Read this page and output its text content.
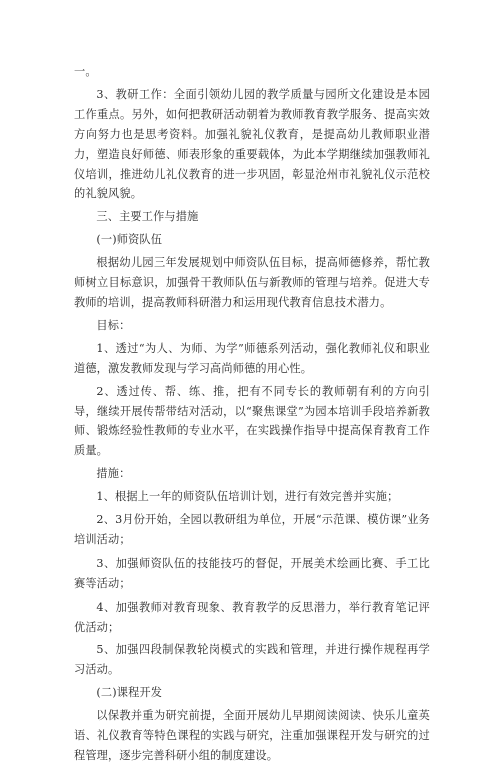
一。

3、教研工作：全面引领幼儿园的教学质量与园所文化建设是本园工作重点。另外，如何把教研活动朝着为教师教育教学服务、提高实效方向努力也是思考资料。加强礼貌礼仪教育，是提高幼儿教师职业潜力，塑造良好师德、师表形象的重要载体，为此本学期继续加强教师礼仪培训，推进幼儿礼仪教育的进一步巩固，彰显沧州市礼貌礼仪示范校的礼貌风貌。

三、主要工作与措施

(一)师资队伍

根据幼儿园三年发展规划中师资队伍目标，提高师德修养，帮忙教师树立目标意识，加强骨干教师队伍与新教师的管理与培养。促进大专教师的培训，提高教师科研潜力和运用现代教育信息技术潜力。

目标：

1、透过“为人、为师、为学”师德系列活动，强化教师礼仪和职业道德，激发教师发现与学习高尚师德的用心性。

2、透过传、帮、练、推，把有不同专长的教师朝有利的方向引导，继续开展传帮带结对活动，以“聚焦课堂”为园本培训手段培养新教师、锻炼经验性教师的专业水平，在实践操作指导中提高保育教育工作质量。

措施：

1、根据上一年的师资队伍培训计划，进行有效完善并实施；

2、3月份开始，全园以教研组为单位，开展“示范课、模仿课”业务培训活动；

3、加强师资队伍的技能技巧的督促，开展美术绘画比赛、手工比赛等活动；

4、加强教师对教育现象、教育教学的反思潜力，举行教育笔记评优活动；

5、加强四段制保教轮岗模式的实践和管理，并进行操作规程再学习活动。

(二)课程开发

以保教并重为研究前提，全面开展幼儿早期阅读阅读、快乐儿童英语、礼仪教育等特色课程的实践与研究，注重加强课程开发与研究的过程管理，逐步完善科研小组的制度建设。
